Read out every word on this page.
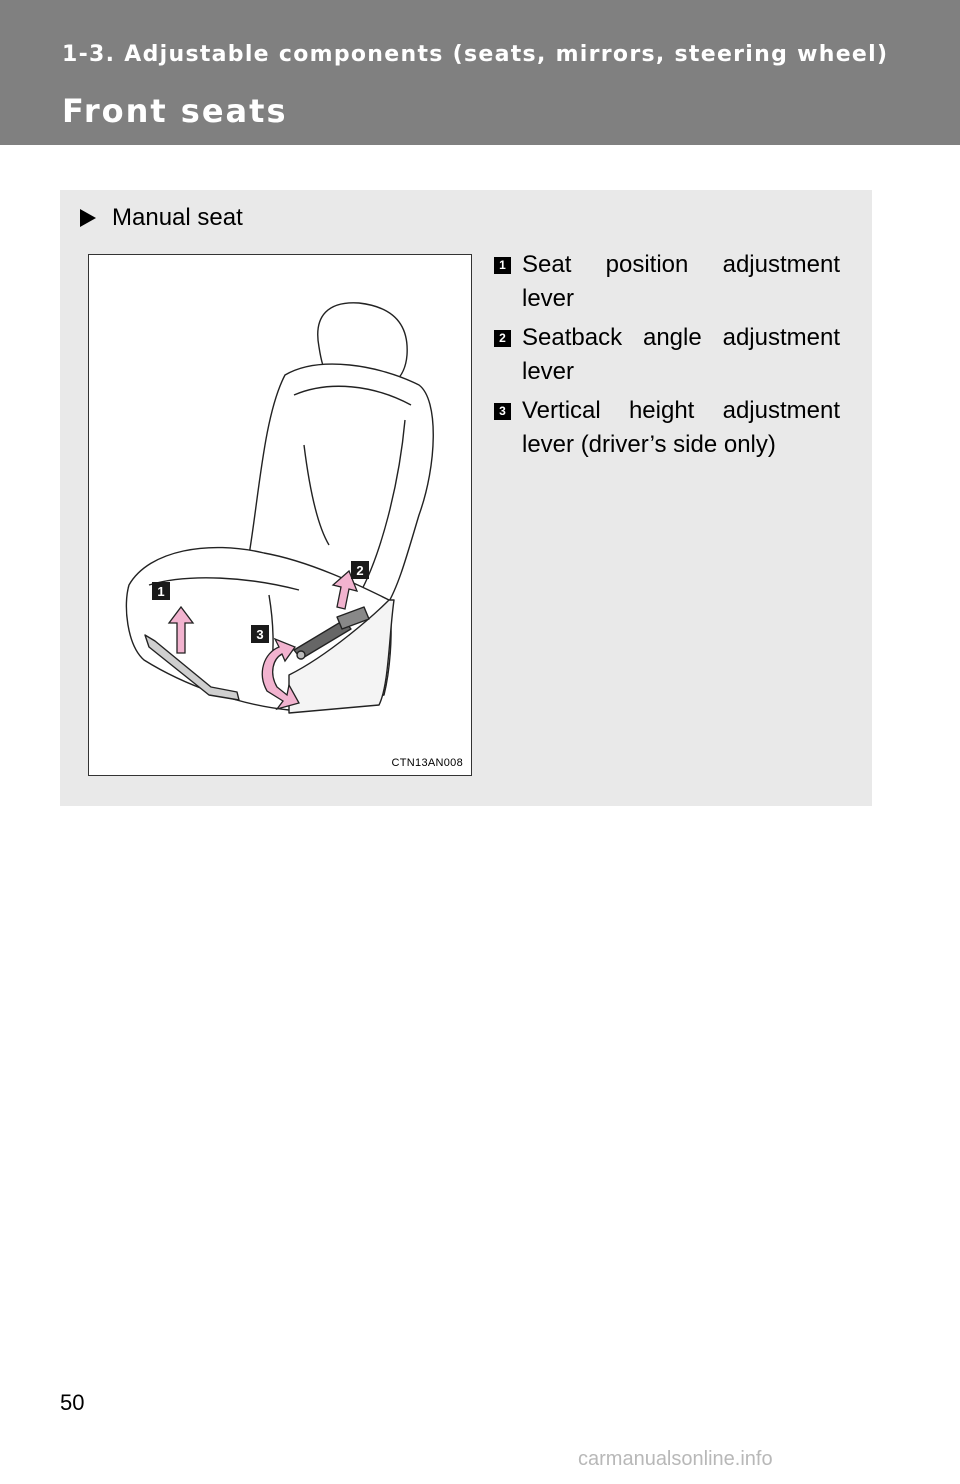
1-3. Adjustable components (seats, mirrors, steering wheel)
Front seats
Manual seat
1
3
2
CTN13AN008
1 Seat position adjustment
lever
2 Seatback angle adjustment
lever
3 Vertical height adjustment
lever (driver’s side only)
50
carmanualsonline.info
